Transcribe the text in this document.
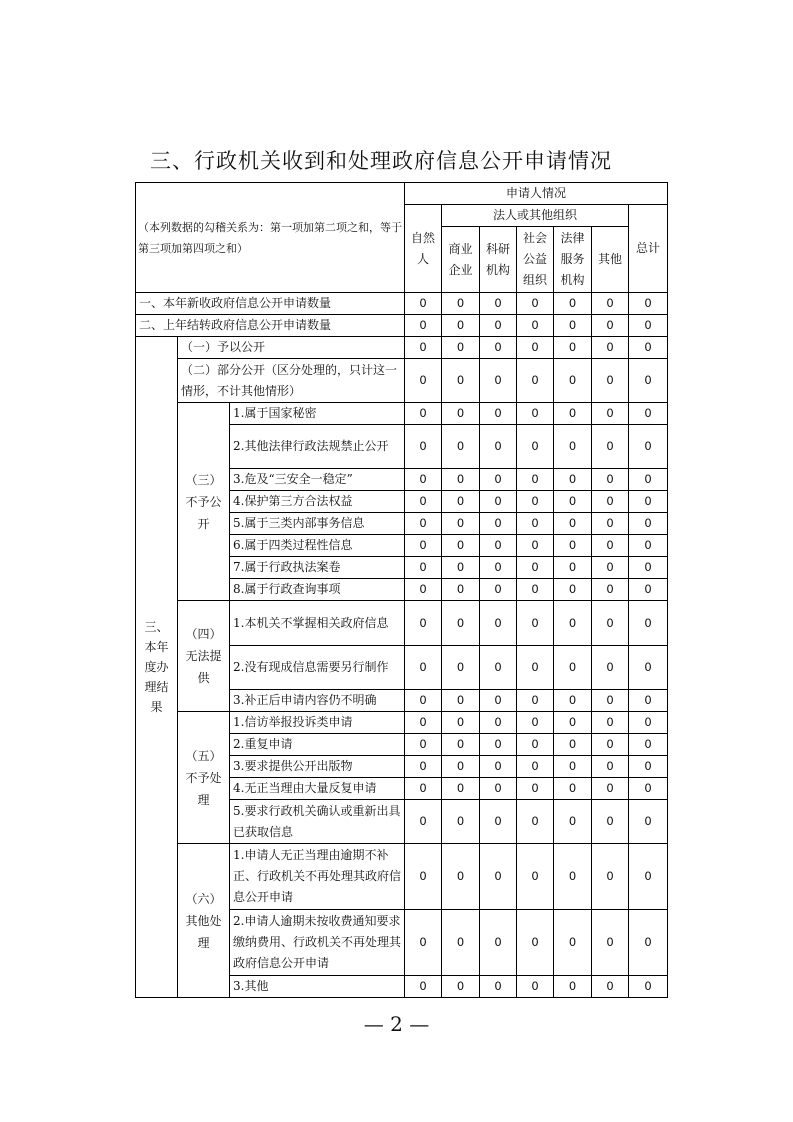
三、行政机关收到和处理政府信息公开申请情况
（本列数据的勾稽关系为：第一项加第二项之和，等于第三项加第四项之和）			申请人情况						
			自然人	法人或其他组织					总计
				商业企业	科研机构	社会公益组织	法律服务机构	其他	
一、本年新收政府信息公开申请数量			0	0	0	0	0	0	0
二、上年结转政府信息公开申请数量			0	0	0	0	0	0	0
三、本年度办理结果	（一）予以公开		0	0	0	0	0	0	0
	（二）部分公开（区分处理的，只计这一情形，不计其他情形）		0	0	0	0	0	0	0
	（三）不予公开	1.属于国家秘密	0	0	0	0	0	0	0
		2.其他法律行政法规禁止公开	0	0	0	0	0	0	0
		3.危及“三安全一稳定”	0	0	0	0	0	0	0
		4.保护第三方合法权益	0	0	0	0	0	0	0
		5.属于三类内部事务信息	0	0	0	0	0	0	0
		6.属于四类过程性信息	0	0	0	0	0	0	0
		7.属于行政执法案卷	0	0	0	0	0	0	0
		8.属于行政查询事项	0	0	0	0	0	0	0
	（四）无法提供	1.本机关不掌握相关政府信息	0	0	0	0	0	0	0
		2.没有现成信息需要另行制作	0	0	0	0	0	0	0
		3.补正后申请内容仍不明确	0	0	0	0	0	0	0
	（五）不予处理	1.信访举报投诉类申请	0	0	0	0	0	0	0
		2.重复申请	0	0	0	0	0	0	0
		3.要求提供公开出版物	0	0	0	0	0	0	0
		4.无正当理由大量反复申请	0	0	0	0	0	0	0
		5.要求行政机关确认或重新出具已获取信息	0	0	0	0	0	0	0
	（六）其他处理	1.申请人无正当理由逾期不补正、行政机关不再处理其政府信息公开申请	0	0	0	0	0	0	0
		2.申请人逾期未按收费通知要求缴纳费用、行政机关不再处理其政府信息公开申请	0	0	0	0	0	0	0
		3.其他	0	0	0	0	0	0	0
— 2 —
